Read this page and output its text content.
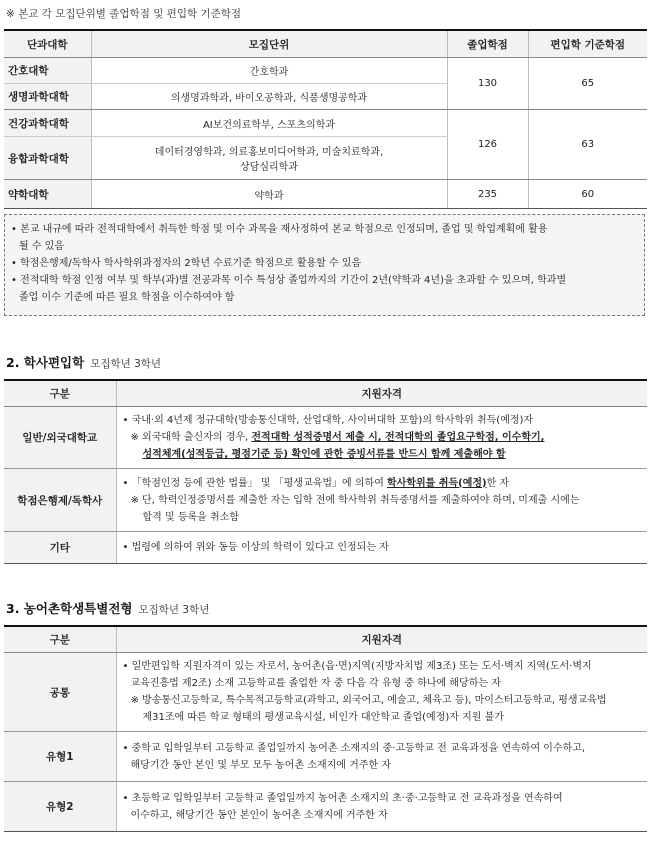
※ 본교 각 모집단위별 졸업학점 및 편입학 기준학점
단과대학	모집단위	졸업학점	편입학 기준학점
간호대학	간호학과	130	65
생명과학대학	의생명과학과, 바이오공학과, 식품생명공학과		
건강과학대학	AI보건의료학부, 스포츠의학과	126	63
융합과학대학	데이터경영학과, 의료홍보미디어학과, 미술치료학과,
상담심리학과		

약학대학	약학과	235	60
• 본교 내규에 따라 전적대학에서 취득한 학점 및 이수 과목을 재사정하여 본교 학점으로 인정되며, 졸업 및 학업계획에 활용
될 수 있음
• 학점은행제/독학사 학사학위과정자의 2학년 수료기준 학점으로 활용할 수 있음
• 전적대학 학점 인정 여부 및 학부(과)별 전공과목 이수 특성상 졸업까지의 기간이 2년(약학과 4년)을 초과할 수 있으며, 학과별
졸업 이수 기준에 따른 필요 학점을 이수하여야 함
2. 학사편입학 모집학년 3학년
구분	지원자격
일반/외국대학교	• 국내·외 4년제 정규대학(방송통신대학, 산업대학, 사이버대학 포함)의 학사학위 취득(예정)자
※ 외국대학 출신자의 경우, 전적대학 성적증명서 제출 시, 전적대학의 졸업요구학점, 이수학기,
성적체계(성적등급, 평점기준 등) 확인에 관한 증빙서류를 반드시 함께 제출해야 함

학점은행제/독학사	• 「학점인정 등에 관한 법률」 및 「평생교육법」에 의하여 학사학위를 취득(예정)한 자
※ 단, 학력인정증명서를 제출한 자는 입학 전에 학사학위 취득증명서를 제출하여야 하며, 미제출 시에는
합격 및 등록을 취소함

기타	• 법령에 의하여 위와 동등 이상의 학력이 있다고 인정되는 자
3. 농어촌학생특별전형 모집학년 3학년
구분	지원자격
공통	• 일반편입학 지원자격이 있는 자로서, 농어촌(읍·면)지역(지방자치법 제3조) 또는 도서·벽지 지역(도서·벽지
교육진흥법 제2조) 소재 고등학교를 졸업한 자 중 다음 각 유형 중 하나에 해당하는 자
※ 방송통신고등학교, 특수목적고등학교(과학고, 외국어고, 예술고, 체육고 등), 마이스터고등학교, 평생교육법
제31조에 따른 학교 형태의 평생교육시설, 비인가 대안학교 졸업(예정)자 지원 불가

유형1	• 중학교 입학일부터 고등학교 졸업일까지 농어촌 소재지의 중·고등학교 전 교육과정을 연속하여 이수하고,
해당기간 동안 본인 및 부모 모두 농어촌 소재지에 거주한 자

유형2	• 초등학교 입학일부터 고등학교 졸업일까지 농어촌 소재지의 초·중·고등학교 전 교육과정을 연속하여
이수하고, 해당기간 동안 본인이 농어촌 소재지에 거주한 자
